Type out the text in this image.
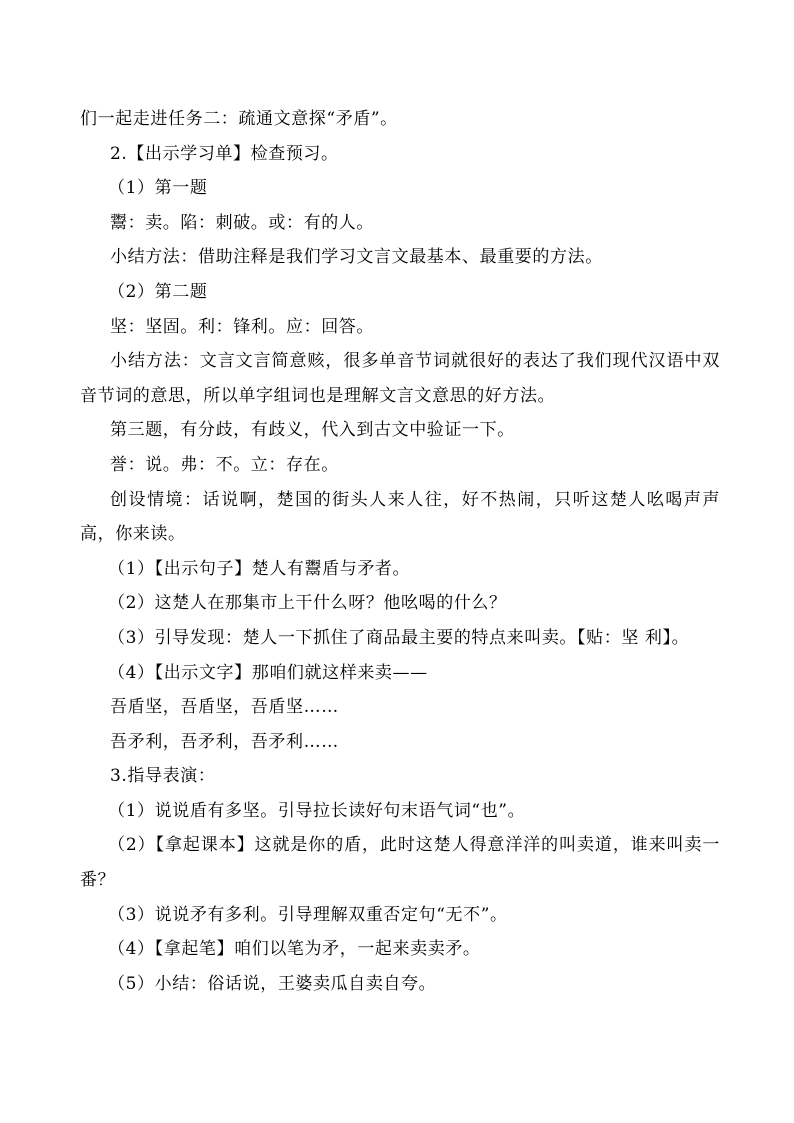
们一起走进任务二：疏通文意探“矛盾”。
2.【出示学习单】检查预习。
（1）第一题
鬻：卖。陷：刺破。或：有的人。
小结方法：借助注释是我们学习文言文最基本、最重要的方法。
（2）第二题
坚：坚固。利：锋利。应：回答。
小结方法：文言文言简意赅，很多单音节词就很好的表达了我们现代汉语中双音节词的意思，所以单字组词也是理解文言文意思的好方法。
第三题，有分歧，有歧义，代入到古文中验证一下。
誉：说。弗：不。立：存在。
创设情境：话说啊，楚国的街头人来人往，好不热闹，只听这楚人吆喝声声高，你来读。
（1）【出示句子】楚人有鬻盾与矛者。
（2）这楚人在那集市上干什么呀？他吆喝的什么？
（3）引导发现：楚人一下抓住了商品最主要的特点来叫卖。【贴：坚 利】。
（4）【出示文字】那咱们就这样来卖——
吾盾坚，吾盾坚，吾盾坚……
吾矛利，吾矛利，吾矛利……
3.指导表演：
（1）说说盾有多坚。引导拉长读好句末语气词“也”。
（2）【拿起课本】这就是你的盾，此时这楚人得意洋洋的叫卖道，谁来叫卖一番？
（3）说说矛有多利。引导理解双重否定句“无不”。
（4）【拿起笔】咱们以笔为矛，一起来卖卖矛。
（5）小结：俗话说，王婆卖瓜自卖自夸。
